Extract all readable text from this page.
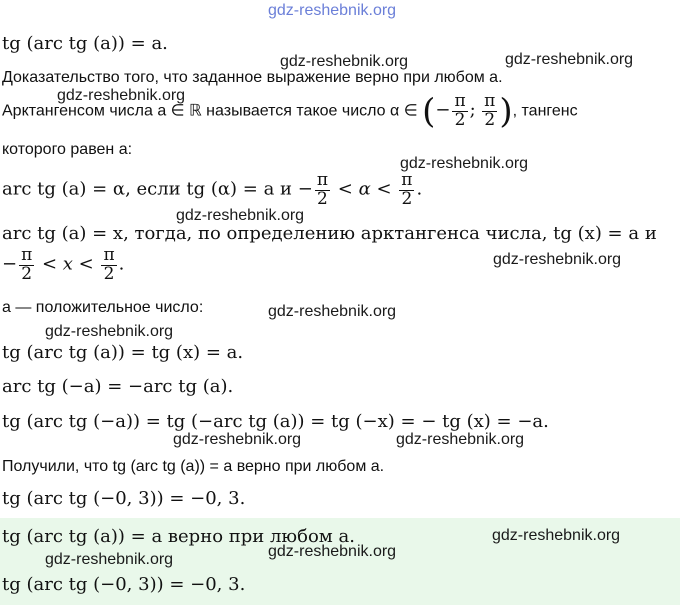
gdz-reshebnik.org
gdz-reshebnik.org	gdz-reshebnik.org
gdz-reshebnik.org
gdz-reshebnik.org
gdz-reshebnik.org
gdz-reshebnik.org
gdz-reshebnik.org
gdz-reshebnik.org
gdz-reshebnik.org	gdz-reshebnik.org
gdz-reshebnik.org
gdz-reshebnik.org
gdz-reshebnik.org
tg (arc tg (a)) = a.
Доказательство того, что заданное выражение верно при любом a.
Арктангенсом числа a ∈ ℝ называется такое число α ∈ (− $\frac{\pi}{2}$ ; $\frac{\pi}{2}$ ), тангенс
которого равен a:
arc tg (a) = α, если tg (α) = a $и - \frac{\pi}{2} < \alpha < \frac{\pi}{2}$ .
arc tg (a) = x, тогда, по определению арктангенса числа, tg (x) = a и
− $\frac{\pi}{2} < x < \frac{\pi}{2}$ .
a — положительное число:
tg (arc tg (a)) = tg (x) = a.
arc tg (−a) = −arc tg (a).
tg (arc tg (−a)) = tg (−arc tg (a)) = tg (−x) = − tg (x) = −a.
Получили, что tg (arc tg (a)) = a верно при любом a.
tg (arc tg (−0, 3)) = −0, 3.
tg (arc tg (a)) = a верно при любом a.
tg (arc tg (−0, 3)) = −0, 3.
